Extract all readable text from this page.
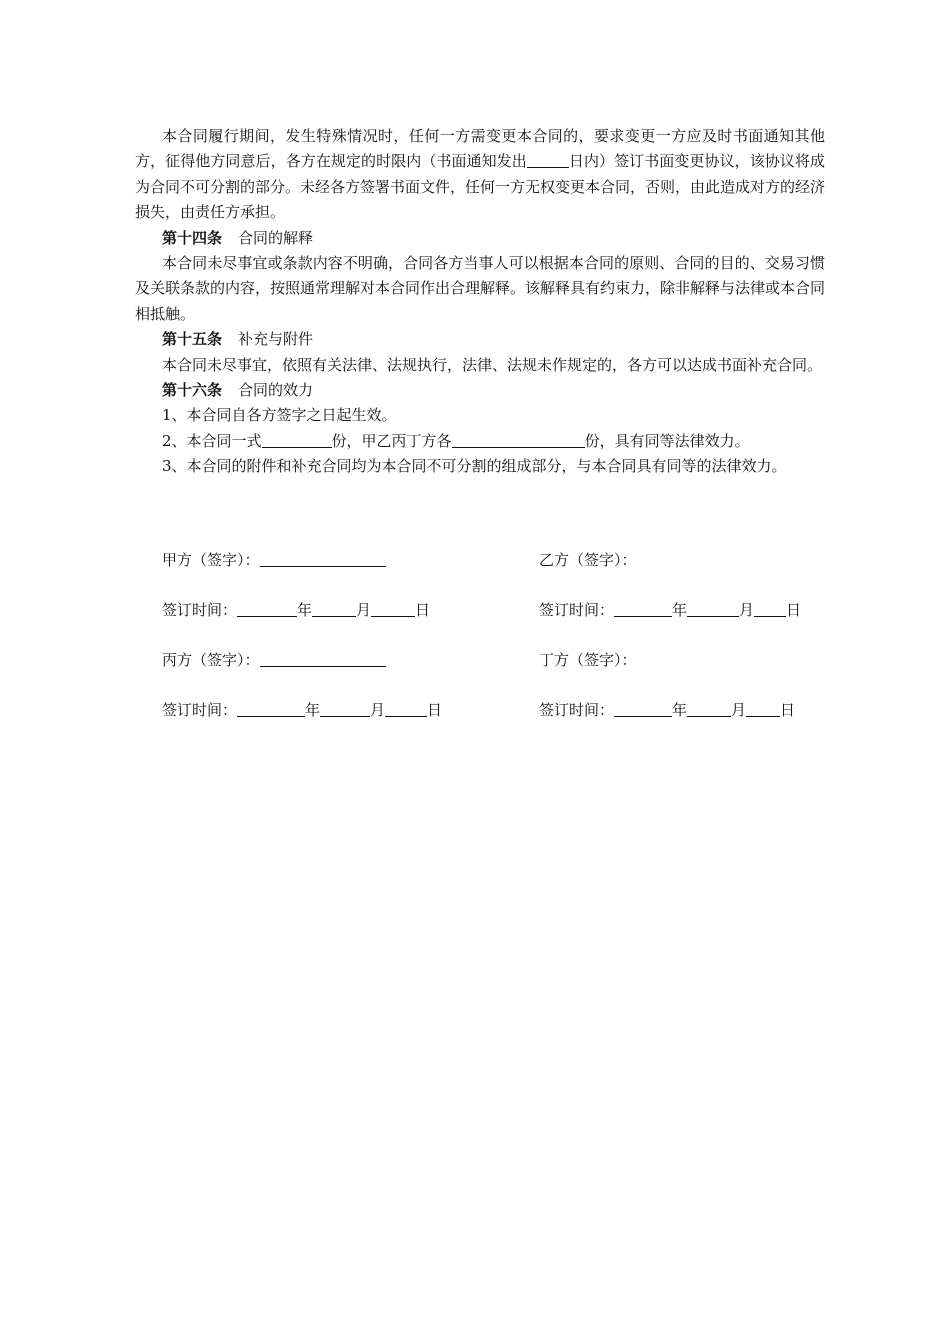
本合同履行期间，发生特殊情况时，任何一方需变更本合同的，要求变更一方应及时书面通知其他方，征得他方同意后，各方在规定的时限内（书面通知发出	日内）签订书面变更协议，该协议将成为合同不可分割的部分。未经各方签署书面文件，任何一方无权变更本合同，否则，由此造成对方的经济损失，由责任方承担。

第十四条 合同的解释

本合同未尽事宜或条款内容不明确，合同各方当事人可以根据本合同的原则、合同的目的、交易习惯及关联条款的内容，按照通常理解对本合同作出合理解释。该解释具有约束力，除非解释与法律或本合同相抵触。

第十五条 补充与附件

本合同未尽事宜，依照有关法律、法规执行，法律、法规未作规定的，各方可以达成书面补充合同。

第十六条 合同的效力

1、本合同自各方签字之日起生效。

2、本合同一式	份，甲乙丙丁方各	份，具有同等法律效力。

3、本合同的附件和补充合同均为本合同不可分割的组成部分，与本合同具有同等的法律效力。

甲方（签字）：	乙方（签字）：
签订时间：	年	月	日	签订时间：	年	月 日
丙方（签字）：	丁方（签字）：
签订时间：	年	月	日	签订时间：	年	月 日
